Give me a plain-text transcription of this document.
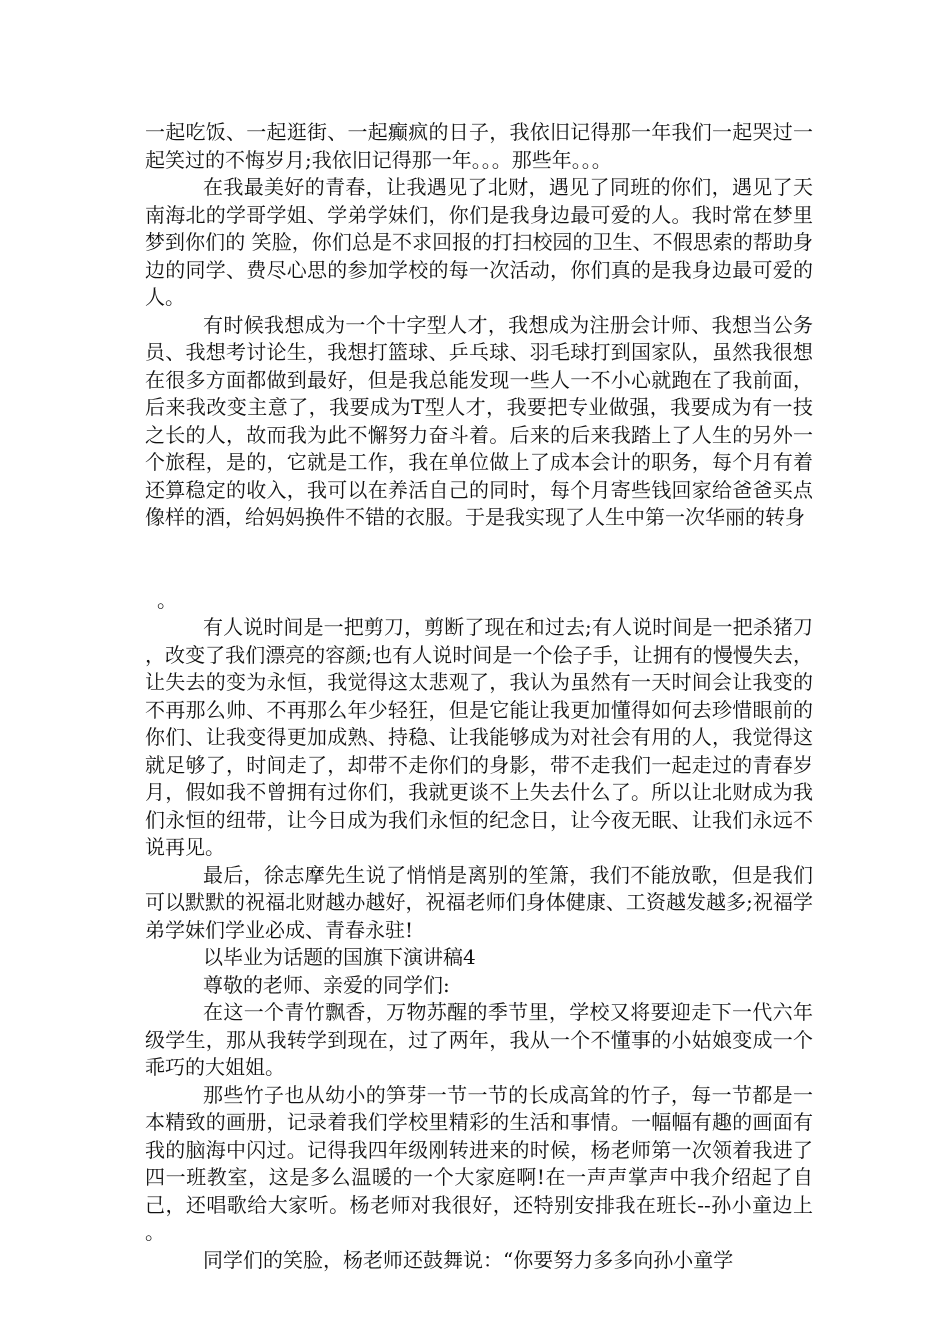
一起吃饭、一起逛街、一起癫疯的日子，我依旧记得那一年我们一起哭过一起笑过的不悔岁月;我依旧记得那一年。。。那些年。。。

在我最美好的青春，让我遇见了北财，遇见了同班的你们，遇见了天南海北的学哥学姐、学弟学妹们，你们是我身边最可爱的人。我时常在梦里梦到你们的 笑脸，你们总是不求回报的打扫校园的卫生、不假思索的帮助身边的同学、费尽心思的参加学校的每一次活动，你们真的是我身边最可爱的人。

有时候我想成为一个十字型人才，我想成为注册会计师、我想当公务员、我想考讨论生，我想打篮球、乒乓球、羽毛球打到国家队，虽然我很想在很多方面都做到最好，但是我总能发现一些人一不小心就跑在了我前面，后来我改变主意了，我要成为T型人才，我要把专业做强，我要成为有一技之长的人，故而我为此不懈努力奋斗着。后来的后来我踏上了人生的另外一个旅程，是的，它就是工作，我在单位做上了成本会计的职务，每个月有着还算稳定的收入，我可以在养活自己的同时，每个月寄些钱回家给爸爸买点像样的酒，给妈妈换件不错的衣服。于是我实现了人生中第一次华丽的转身

。

有人说时间是一把剪刀，剪断了现在和过去;有人说时间是一把杀猪刀，改变了我们漂亮的容颜;也有人说时间是一个侩子手，让拥有的慢慢失去，让失去的变为永恒，我觉得这太悲观了，我认为虽然有一天时间会让我变的不再那么帅、不再那么年少轻狂，但是它能让我更加懂得如何去珍惜眼前的你们、让我变得更加成熟、持稳、让我能够成为对社会有用的人，我觉得这就足够了，时间走了，却带不走你们的身影，带不走我们一起走过的青春岁月，假如我不曾拥有过你们，我就更谈不上失去什么了。所以让北财成为我们永恒的纽带，让今日成为我们永恒的纪念日，让今夜无眠、让我们永远不说再见。

最后，徐志摩先生说了悄悄是离别的笙箫，我们不能放歌，但是我们可以默默的祝福北财越办越好，祝福老师们身体健康、工资越发越多;祝福学弟学妹们学业必成、青春永驻!

以毕业为话题的国旗下演讲稿4

尊敬的老师、亲爱的同学们:

在这一个青竹飘香，万物苏醒的季节里，学校又将要迎走下一代六年级学生，那从我转学到现在，过了两年，我从一个不懂事的小姑娘变成一个乖巧的大姐姐。

那些竹子也从幼小的笋芽一节一节的长成高耸的竹子，每一节都是一本精致的画册，记录着我们学校里精彩的生活和事情。一幅幅有趣的画面有我的脑海中闪过。记得我四年级刚转进来的时候，杨老师第一次领着我进了四一班教室，这是多么温暖的一个大家庭啊!在一声声掌声中我介绍起了自己，还唱歌给大家听。杨老师对我很好，还特别安排我在班长--孙小童边上。

同学们的笑脸，杨老师还鼓舞说：“你要努力多多向孙小童学
